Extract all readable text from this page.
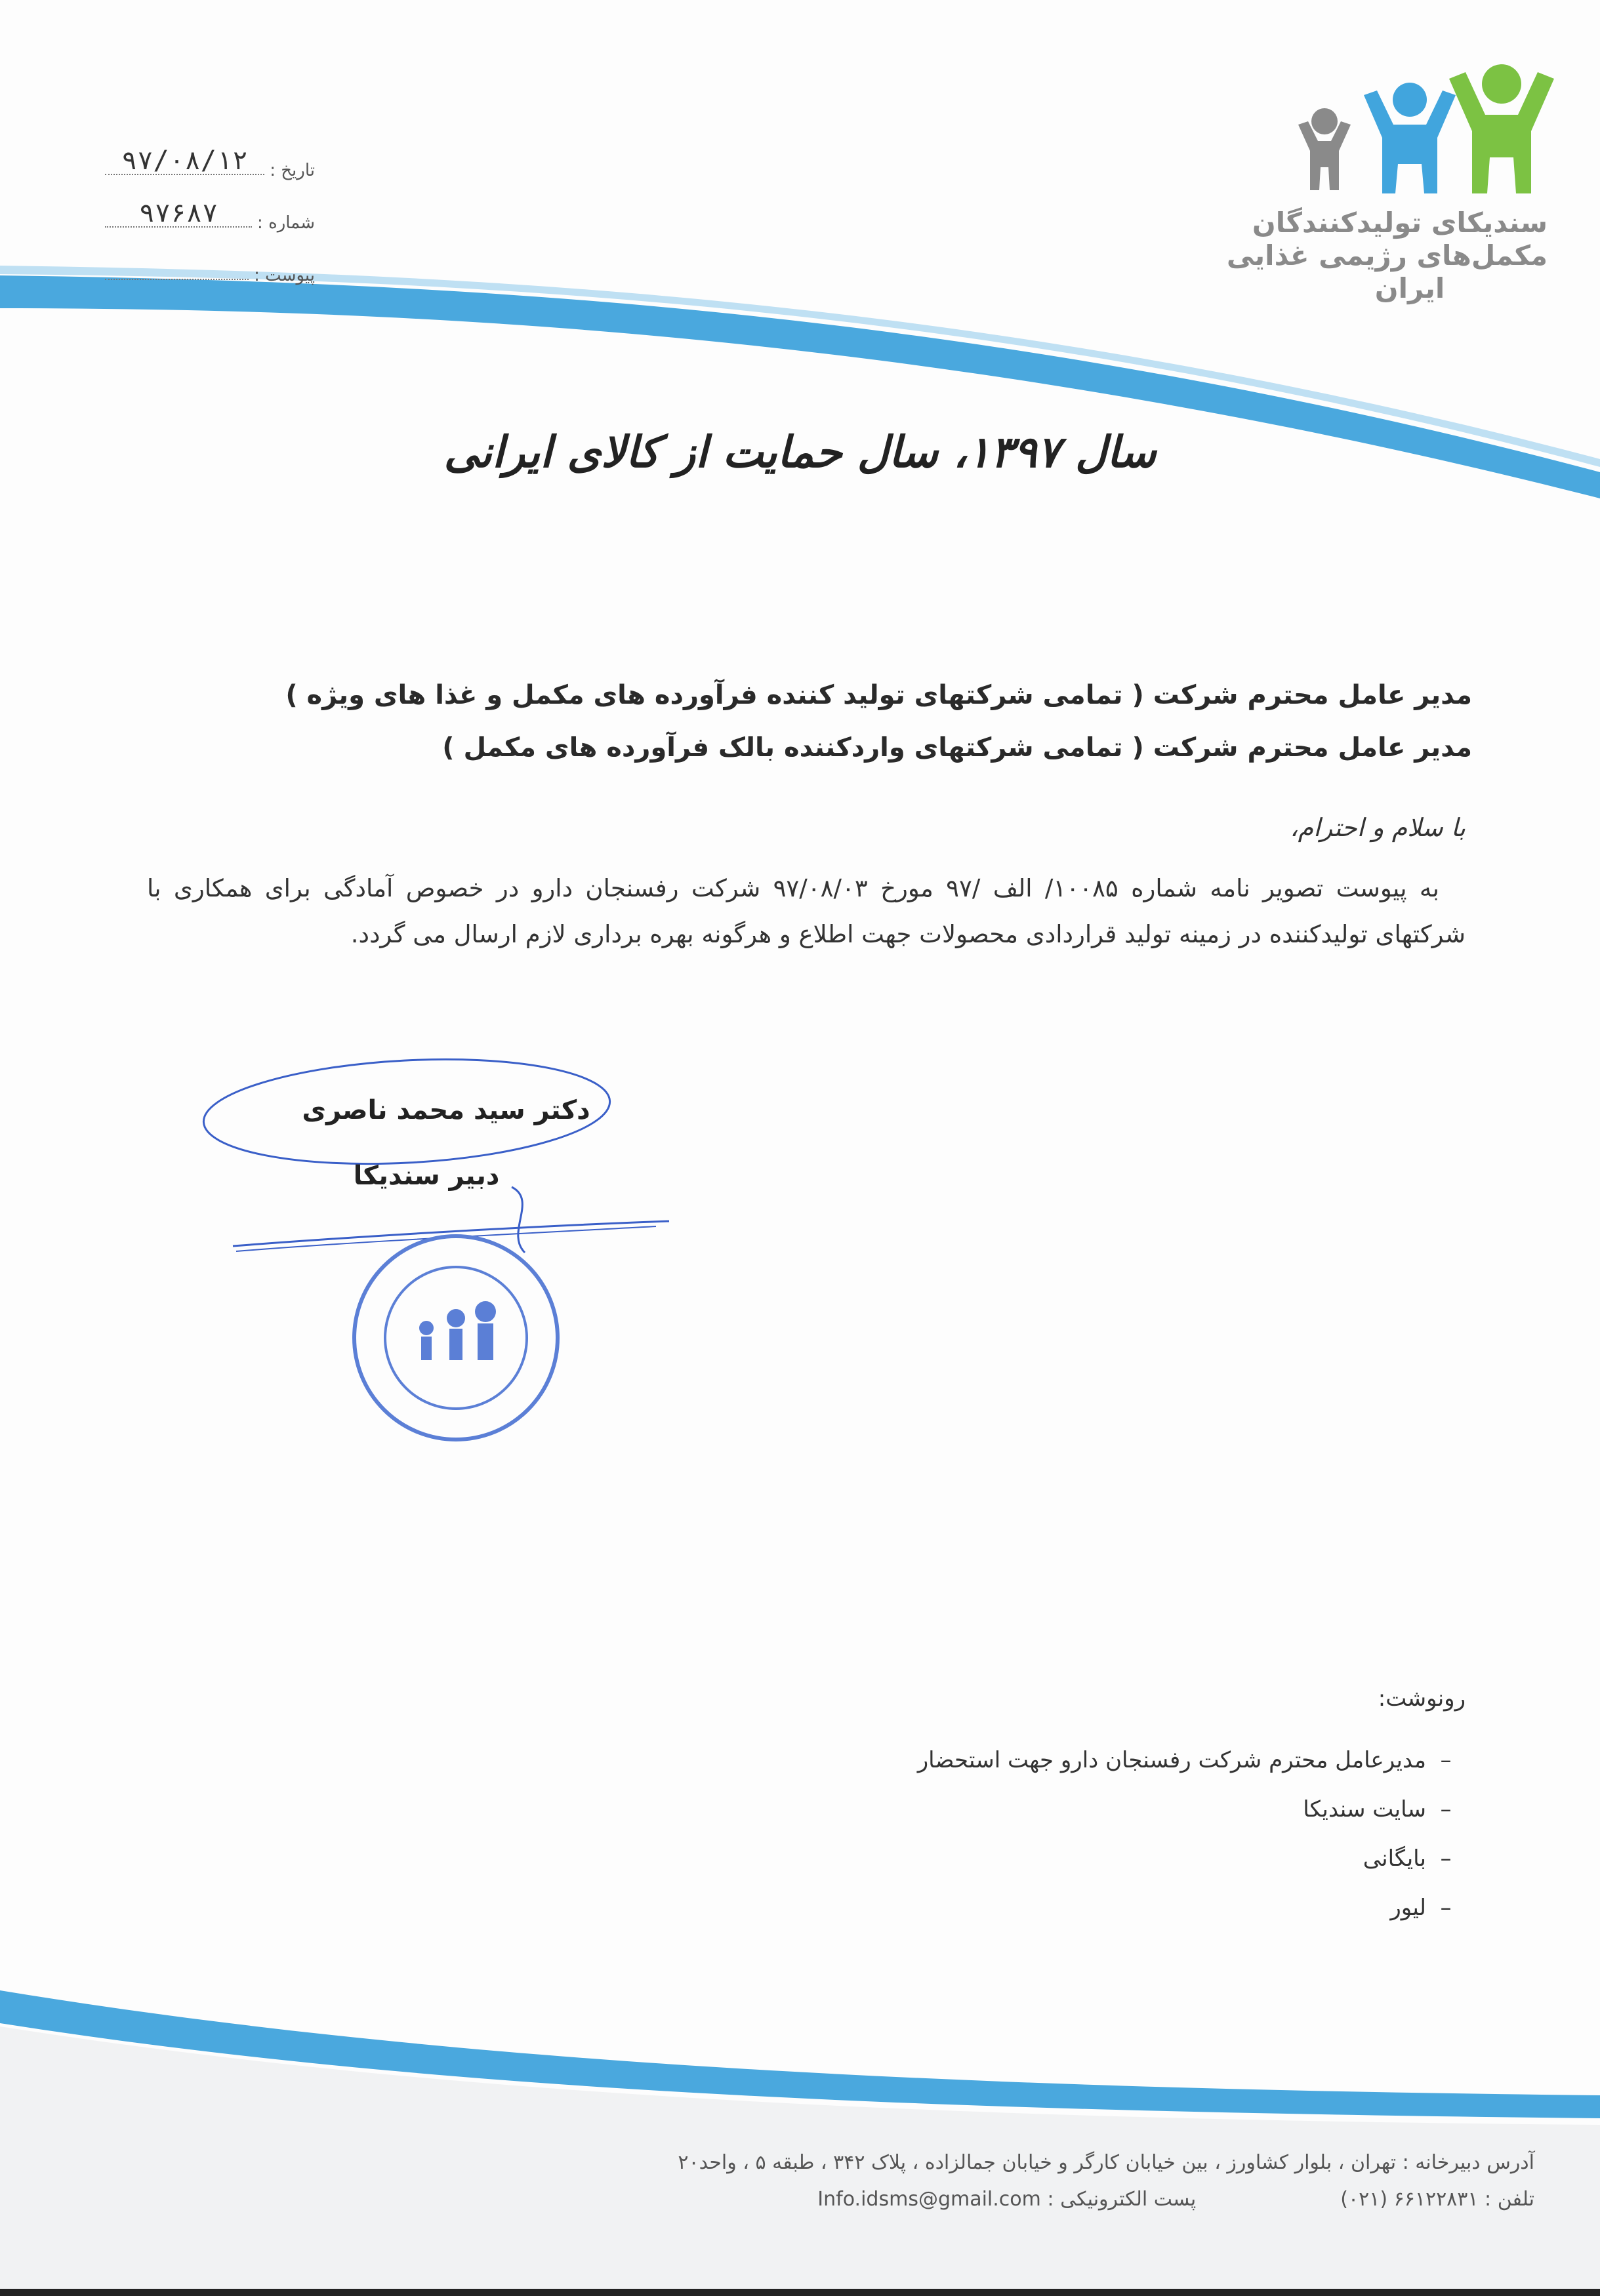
سندیکای تولیدکنندگان
مکمل‌های رژیمی غذایی
ایران
تاریخ :
۹۷/۰۸/۱۲
شماره :
۹۷۶۸۷
پیوست :
سال ۱۳۹۷، سال حمایت از کالای ایرانی
مدیر عامل محترم شرکت ( تمامی شرکتهای تولید کننده فرآورده های مکمل و غذا های ویژه )
مدیر عامل محترم شرکت ( تمامی شرکتهای واردکننده بالک فرآورده های مکمل )
با سلام و احترام،
به پیوست تصویر نامه شماره ۱۰۰۸۵/ الف /۹۷ مورخ ۹۷/۰۸/۰۳ شرکت رفسنجان دارو در خصوص آمادگی برای همکاری با شرکتهای تولیدکننده در زمینه تولید قراردادی محصولات جهت اطلاع و هرگونه بهره برداری لازم ارسال می گردد.
دکتر سید محمد ناصری
دبیر سندیکا
رونوشت:
–
مدیرعامل محترم شرکت رفسنجان دارو جهت استحضار
–
سایت سندیکا
–
بایگانی
–
لیور
آدرس دبیرخانه : تهران ، بلوار کشاورز ، بین خیابان کارگر و خیابان جمالزاده ، پلاک ۳۴۲ ، طبقه ۵ ، واحد۲۰
تلفن : ۶۶۱۲۲۸۳۱ (۰۲۱)
پست الکترونیکی :

Info.idsms@gmail.com
